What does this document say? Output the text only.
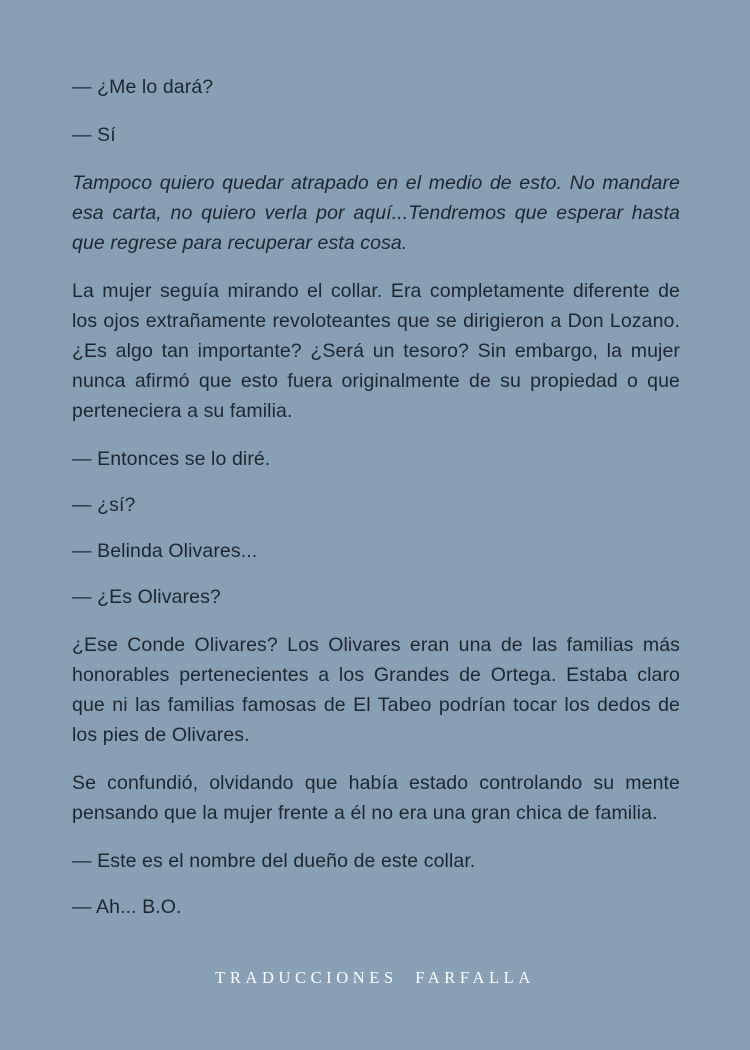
— ¿Me lo dará?

— Sí

Tampoco quiero quedar atrapado en el medio de esto. No mandare esa carta, no quiero verla por aquí...Tendremos que esperar hasta que regrese para recuperar esta cosa.

La mujer seguía mirando el collar. Era completamente diferente de los ojos extrañamente revoloteantes que se dirigieron a Don Lozano. ¿Es algo tan importante? ¿Será un tesoro? Sin embargo, la mujer nunca afirmó que esto fuera originalmente de su propiedad o que perteneciera a su familia.

— Entonces se lo diré.

— ¿sí?

— Belinda Olivares...

— ¿Es Olivares?

¿Ese Conde Olivares? Los Olivares eran una de las familias más honorables pertenecientes a los Grandes de Ortega. Estaba claro que ni las familias famosas de El Tabeo podrían tocar los dedos de los pies de Olivares.

Se confundió, olvidando que había estado controlando su mente pensando que la mujer frente a él no era una gran chica de familia.

— Este es el nombre del dueño de este collar.

— Ah... B.O.

TRADUCCIONES  FARFALLA
